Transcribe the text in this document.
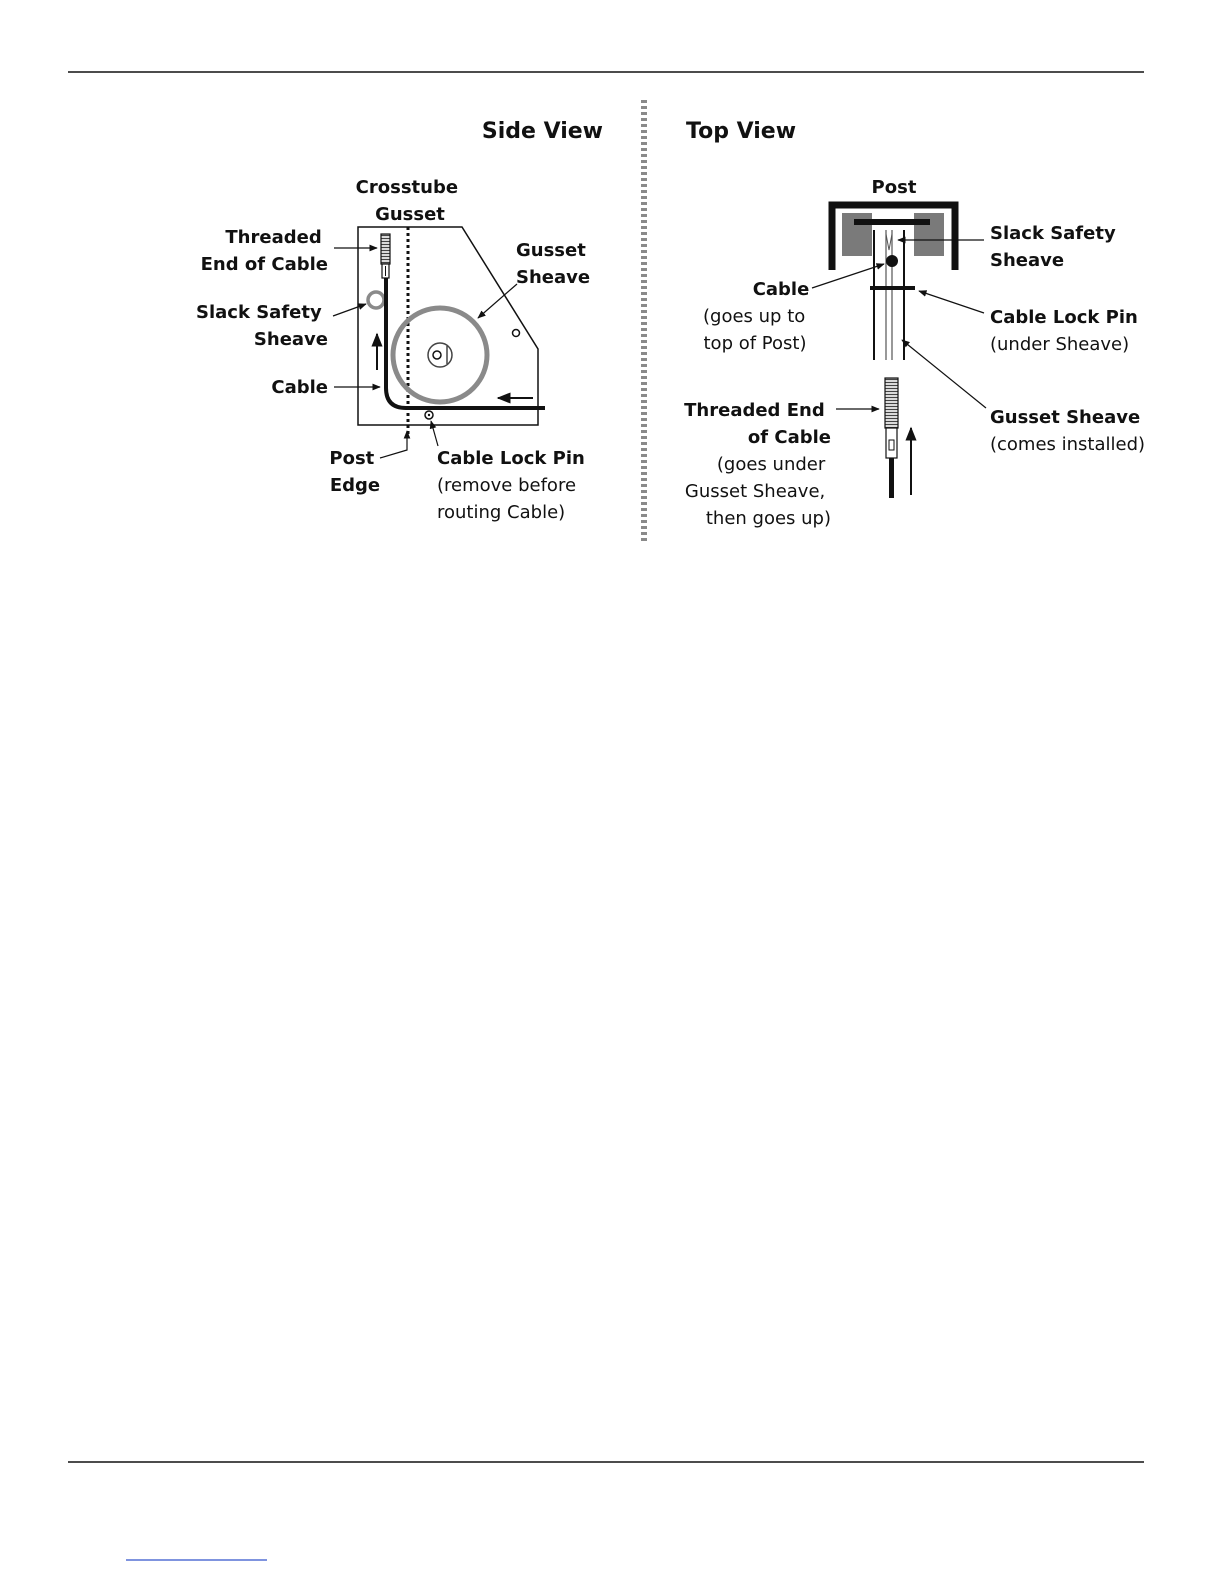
Side View
Crosstube Gusset
Threaded End of Cable
Gusset Sheave
Slack Safety Sheave
Cable
Post Edge
Cable Lock Pin
(remove before routing Cable)
Top View
Post
Slack Safety Sheave
Cable
(goes up to top of Post)
Cable Lock Pin
(under Sheave)
Threaded End of Cable
(goes under Gusset Sheave, then goes up)
Gusset Sheave
(comes installed)
